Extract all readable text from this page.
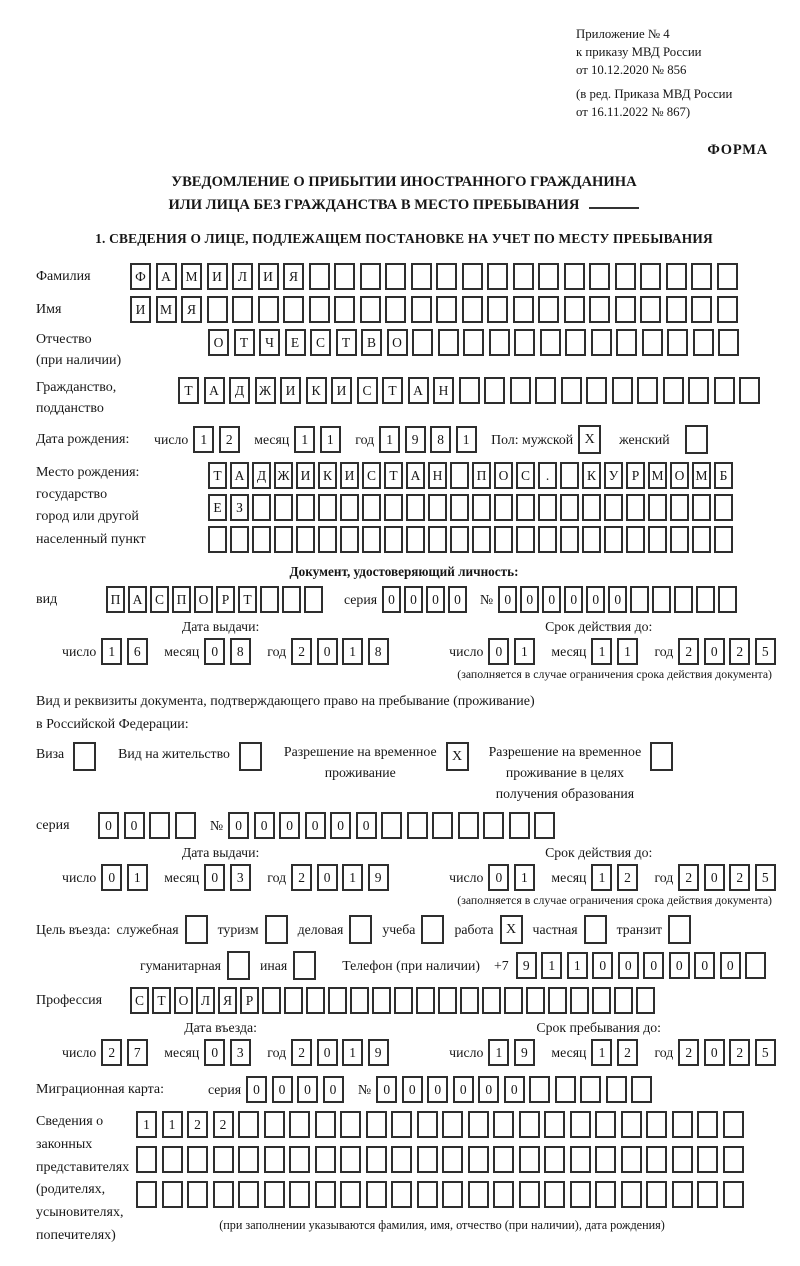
Приложение № 4
к приказу МВД России
от 10.12.2020 № 856
(в ред. Приказа МВД России
от 16.11.2022 № 867)
ФОРМА
УВЕДОМЛЕНИЕ О ПРИБЫТИИ ИНОСТРАННОГО ГРАЖДАНИНА
ИЛИ ЛИЦА БЕЗ ГРАЖДАНСТВА В МЕСТО ПРЕБЫВАНИЯ
1. СВЕДЕНИЯ О ЛИЦЕ, ПОДЛЕЖАЩЕМ ПОСТАНОВКЕ НА УЧЕТ ПО МЕСТУ ПРЕБЫВАНИЯ
Фамилия	Ф	А	М	И	Л	И	Я
Имя	И	М	Я
Отчество
(при наличии)
О	Т	Ч	Е	С	Т	В	О
Гражданство,
подданство
Т	А	Д	Ж	И	К	И	С	Т	А	Н
Дата рождения:	число 1	2	месяц 1	1	год 1	9	8	1	Пол: мужской X	женский
Место рождения:
государство
город или другой
населенный пункт
Т А Д Ж И К И С Т А Н	П О С	.	К У Р М О М Б

Е	З

Документ, удостоверяющий личность:
вид	П А С П О Р	Т	серия 0	0	0	0	№ 0	0	0	0	0	0
Дата выдачи:
число 1	6	месяц 0	8	год 2	0	1	8
Срок действия до:
число 0	1	месяц 1	1	год 2	0	2	5
(заполняется в случае ограничения срока действия документа)
Вид и реквизиты документа, подтверждающего право на пребывание (проживание)
в Российской Федерации:
Виза	Вид на жительство	Разрешение на временное
проживание
X	Разрешение на временное
проживание в целях
получения образования
серия	0	0	№ 0	0	0	0	0	0
Дата выдачи:
число 0	1	месяц 0	3	год 2	0	1	9
Срок действия до:
число 0	1	месяц 1	2	год 2	0	2	5
(заполняется в случае ограничения срока действия документа)
Цель въезда: служебная	туризм	деловая	учеба	работа X	частная	транзит
гуманитарная	иная	Телефон (при наличии) +7	9	1	1	0	0	0	0	0	0
Профессия	С Т О Л Я	Р
Дата въезда:
число 2	7	месяц 0	3	год 2	0	1	9
Срок пребывания до:
число 1	9	месяц 1	2	год 2	0	2	5
Миграционная карта:	серия 0	0	0	0	№ 0	0	0	0	0	0
Сведения о
законных
представителях
(родителях,
усыновителях,
попечителях)
1	1	2	2

(при заполнении указываются фамилия, имя, отчество (при наличии), дата рождения)
